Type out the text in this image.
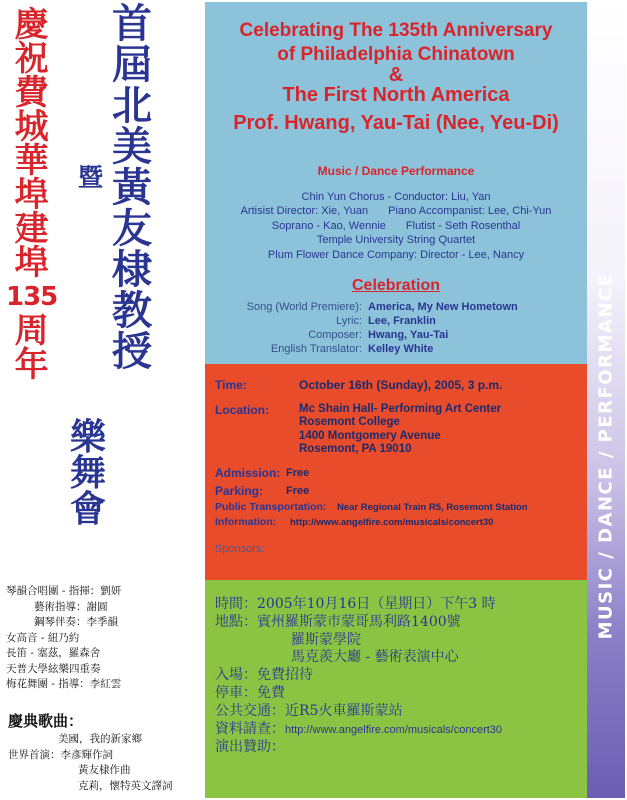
MUSIC / DANCE / PERFORMANCE
慶
祝
費
城
華
埠
建
埠
135
周
年
首
屆
北
美
黃
友
棣
教
授
暨
樂
舞
會
琴韻合唱團 - 指揮：劉妍
藝術指導：謝圓
鋼琴伴奏：李季韻
女高音 - 紐乃約
長笛 - 塞茲，羅森舍
天普大學絃樂四重奏
梅花舞團 - 指導：李紅雲
慶典歌曲：
美國，我的新家鄉
世界首演：李彥輝作詞
黃友棣作曲
克莉，懷特英文譯詞
Celebrating The 135th Anniversary
of Philadelphia Chinatown
&
The First North America
Prof. Hwang, Yau-Tai (Nee, Yeu-Di)
Music / Dance Performance
Chin Yun Chorus - Conductor: Liu, Yan
Artisist Director: Xie, Yuan Piano Accompanist: Lee, Chi-Yun
Soprano - Kao, Wennie Flutist - Seth Rosenthal
Temple University String Quartet
Plum Flower Dance Company: Director - Lee, Nancy
Celebration
Song (World Premiere): America, My New Hometown
Lyric: Lee, Franklin
Composer: Hwang, Yau-Tai
English Translator: Kelley White
Time:	October 16th (Sunday), 2005, 3 p.m.
Location:	Mc Shain Hall- Performing Art Center
Rosemont College
1400 Montgomery Avenue
Rosemont, PA 19010
Admission: Free
Parking: Free
Public Transportation: Near Regional Train R5, Rosemont Station
Information: http://www.angelfire.com/musicals/concert30
Sponsors:
時間：2005年10月16日（星期日）下午3 時
地點：賓州羅斯蒙市蒙哥馬利路1400號
羅斯蒙學院
馬克羨大廳 - 藝術表演中心
入場：免費招待
停車：免費
公共交通：近R5火車羅斯蒙站
資料請查：http://www.angelfire.com/musicals/concert30
演出贊助：
